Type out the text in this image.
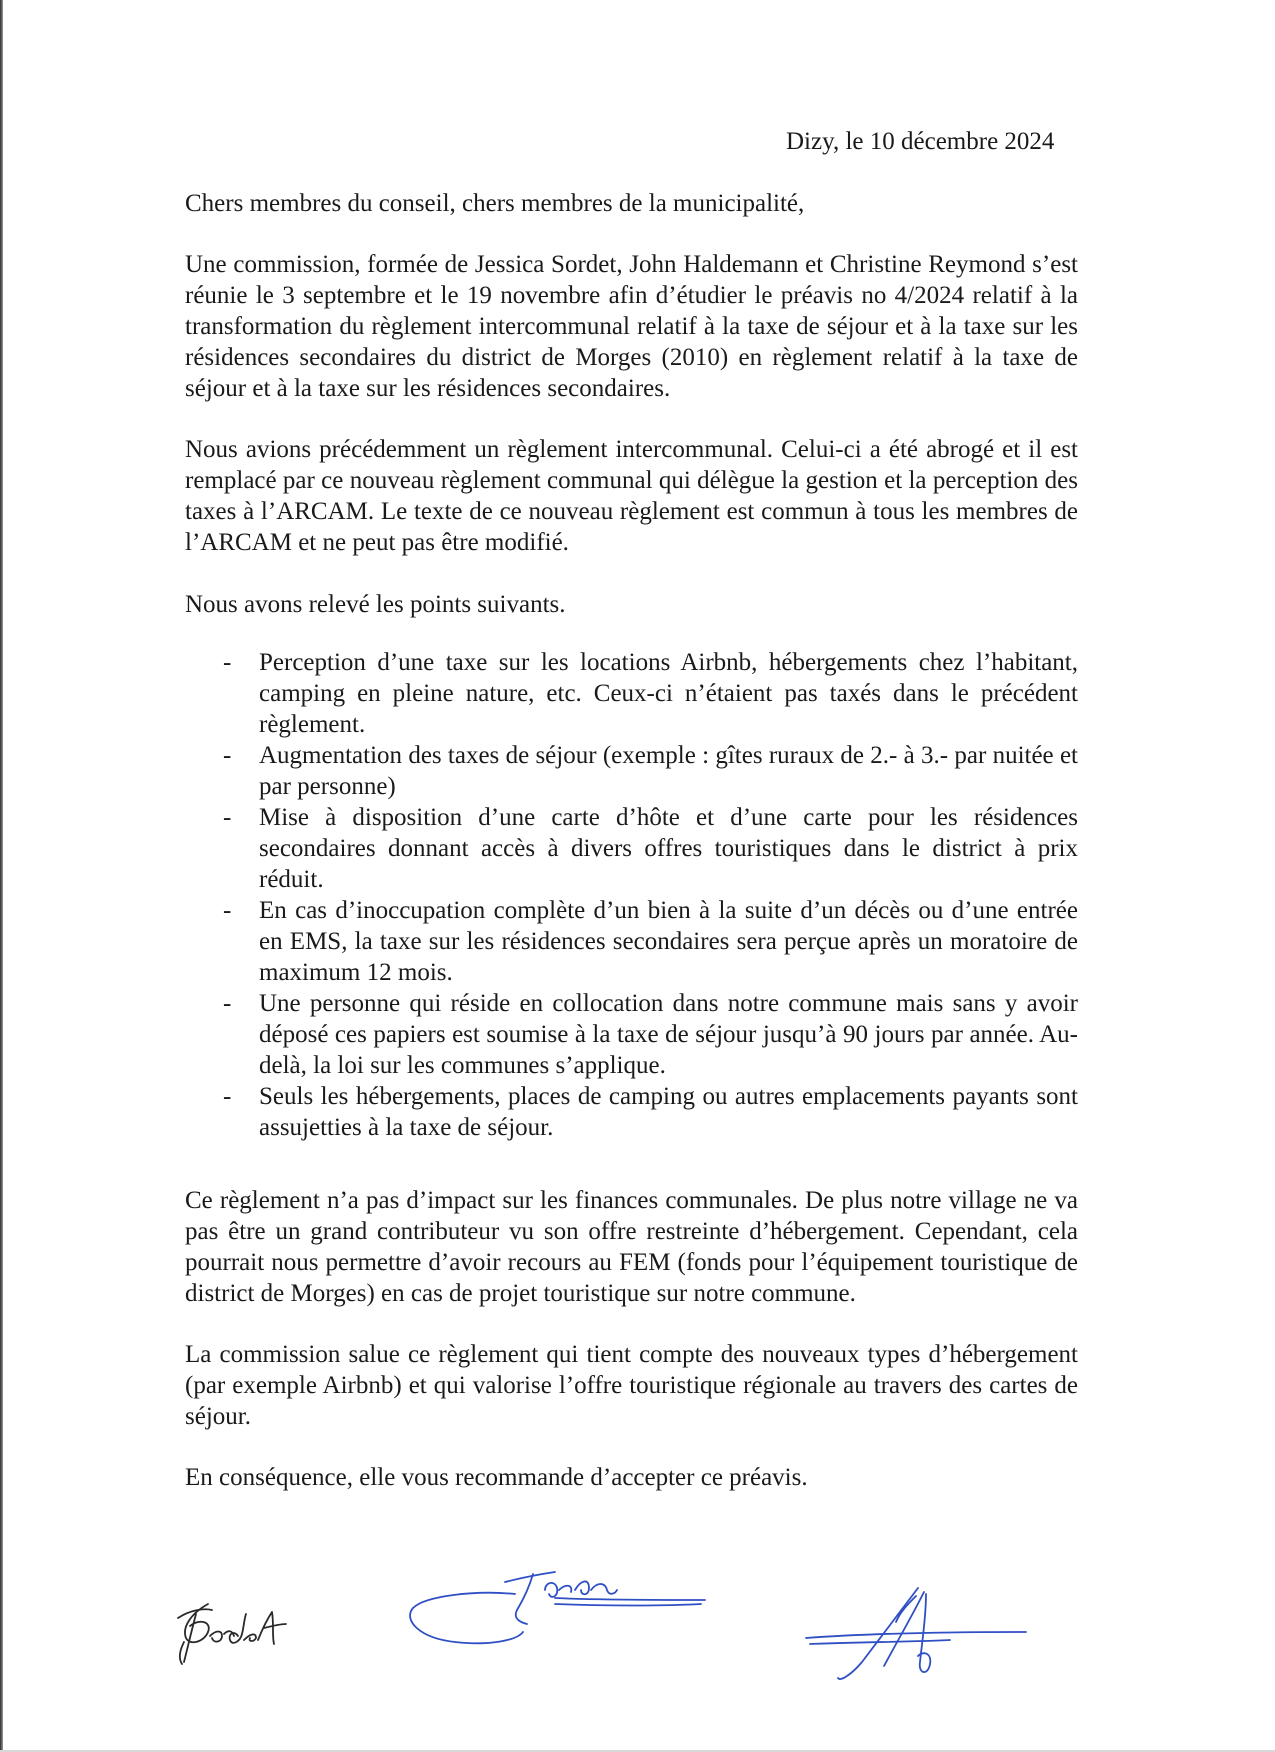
Dizy, le 10 décembre 2024
Chers membres du conseil, chers membres de la municipalité,

Une commission, formée de Jessica Sordet, John Haldemann et Christine Reymond s’est réunie le 3 septembre et le 19 novembre afin d’étudier le préavis no 4/2024 relatif à la transformation du règlement intercommunal relatif à la taxe de séjour et à la taxe sur les résidences secondaires du district de Morges (2010) en règlement relatif à la taxe de séjour et à la taxe sur les résidences secondaires.

Nous avions précédemment un règlement intercommunal. Celui-ci a été abrogé et il est remplacé par ce nouveau règlement communal qui délègue la gestion et la perception des taxes à l’ARCAM. Le texte de ce nouveau règlement est commun à tous les membres de l’ARCAM et ne peut pas être modifié.

Nous avons relevé les points suivants.

- Perception d’une taxe sur les locations Airbnb, hébergements chez l’habitant, camping en pleine nature, etc. Ceux-ci n’étaient pas taxés dans le précédent règlement.
- Augmentation des taxes de séjour (exemple : gîtes ruraux de 2.- à 3.- par nuitée et par personne)
- Mise à disposition d’une carte d’hôte et d’une carte pour les résidences secondaires donnant accès à divers offres touristiques dans le district à prix réduit.
- En cas d’inoccupation complète d’un bien à la suite d’un décès ou d’une entrée en EMS, la taxe sur les résidences secondaires sera perçue après un moratoire de maximum 12 mois.
- Une personne qui réside en collocation dans notre commune mais sans y avoir déposé ces papiers est soumise à la taxe de séjour jusqu’à 90 jours par année. Au-delà, la loi sur les communes s’applique.
- Seuls les hébergements, places de camping ou autres emplacements payants sont assujetties à la taxe de séjour.

Ce règlement n’a pas d’impact sur les finances communales. De plus notre village ne va pas être un grand contributeur vu son offre restreinte d’hébergement. Cependant, cela pourrait nous permettre d’avoir recours au FEM (fonds pour l’équipement touristique de district de Morges) en cas de projet touristique sur notre commune.

La commission salue ce règlement qui tient compte des nouveaux types d’hébergement (par exemple Airbnb) et qui valorise l’offre touristique régionale au travers des cartes de séjour.

En conséquence, elle vous recommande d’accepter ce préavis.
